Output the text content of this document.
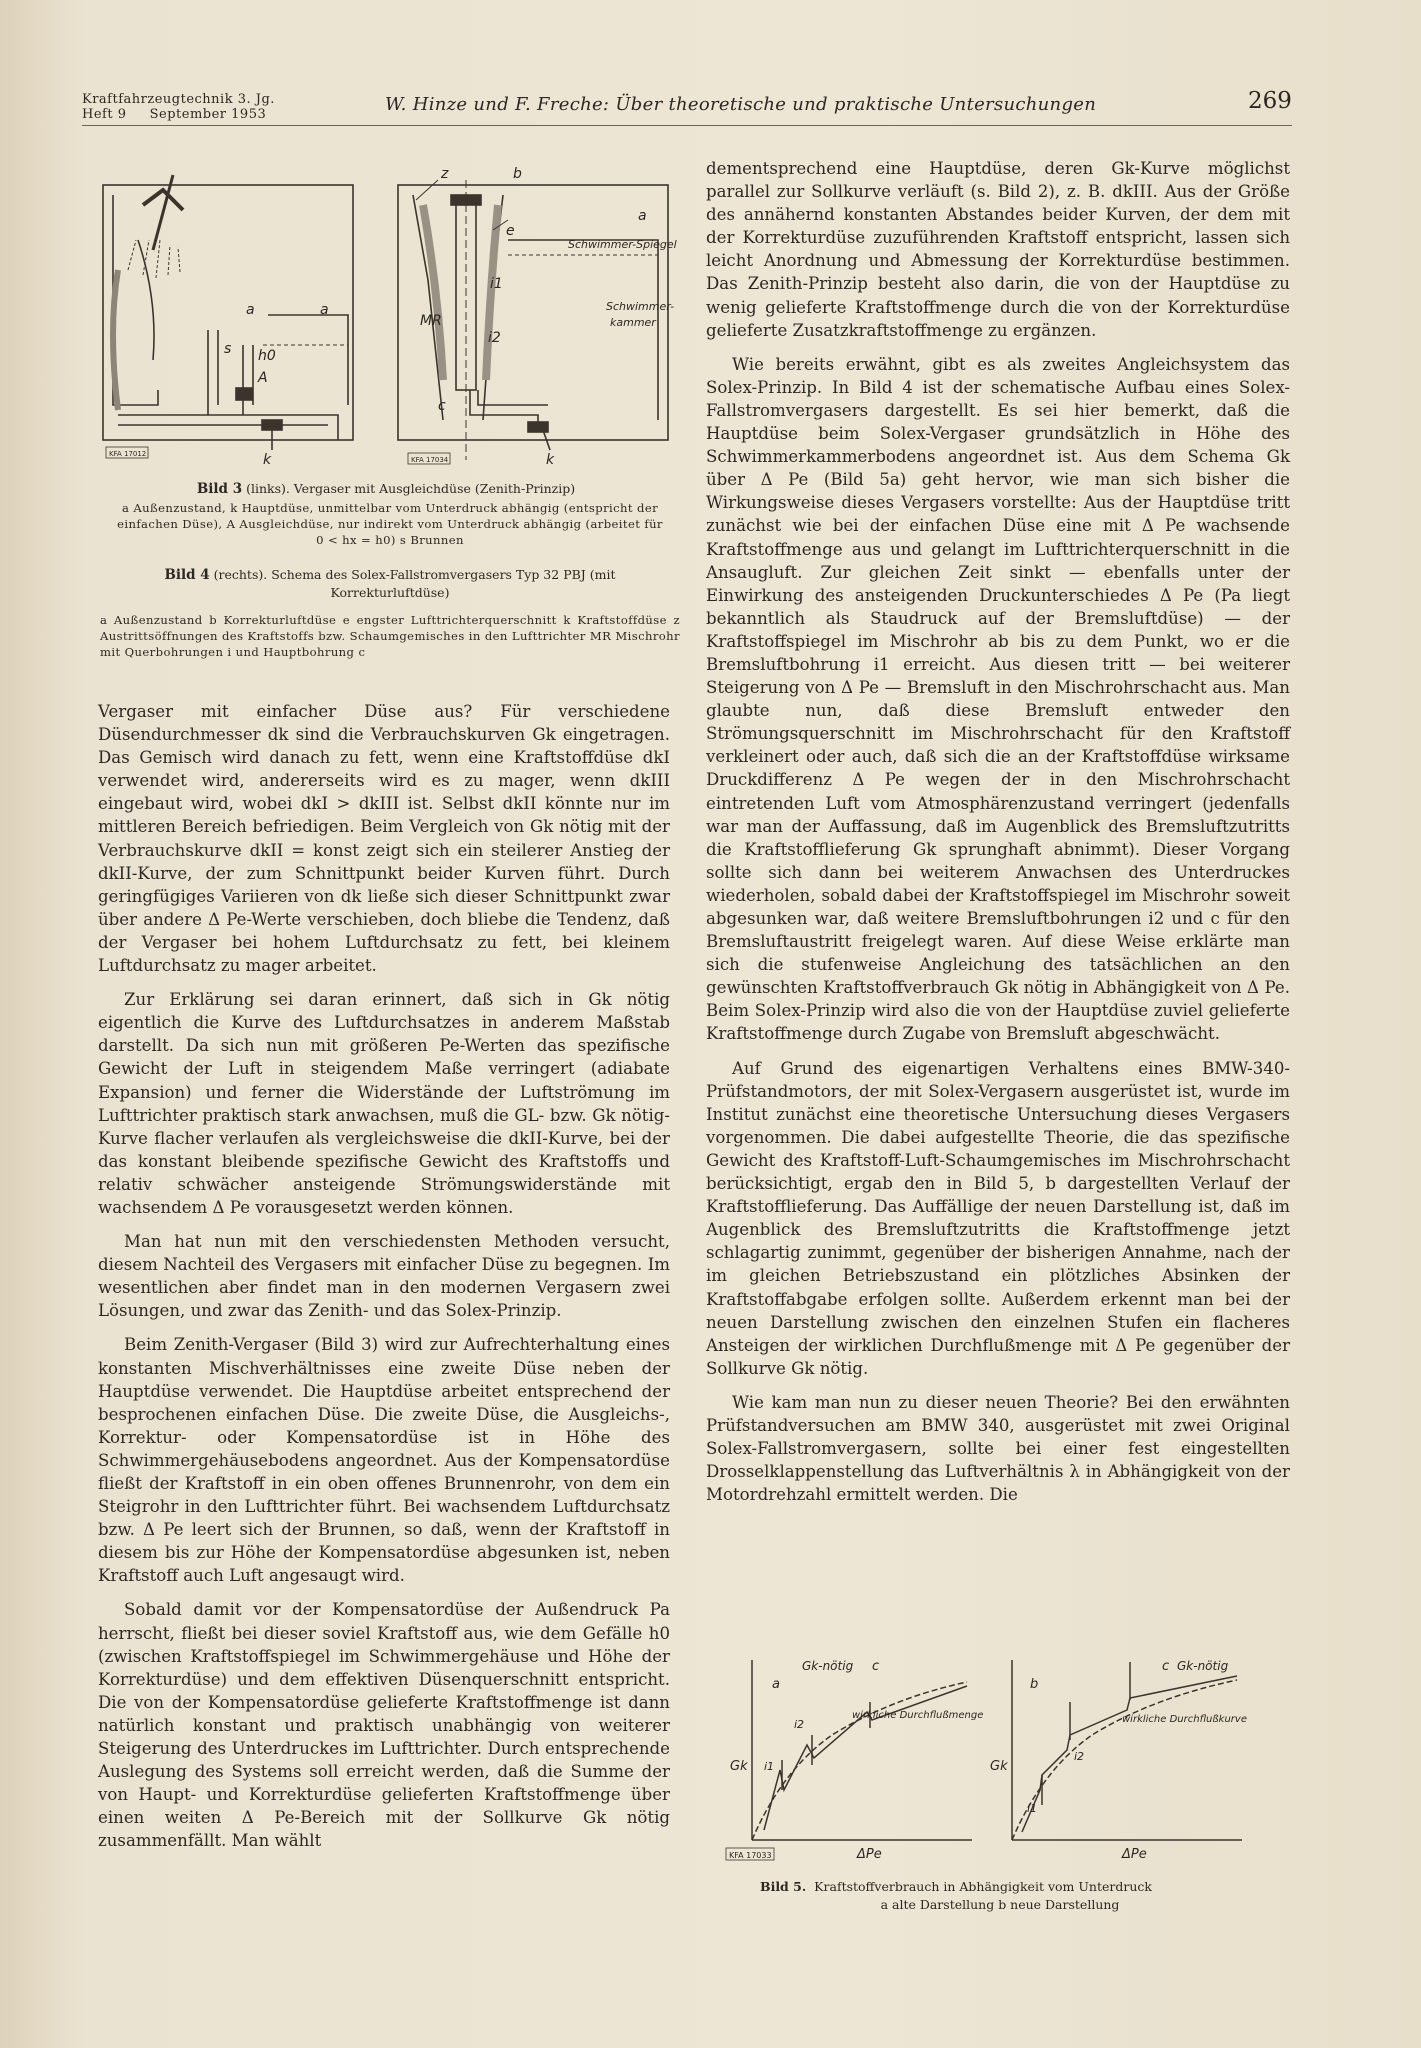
Kraftfahrzeugtechnik 3. Jg.
Heft 9     September 1953	W. Hinze und F. Freche: Über theoretische und praktische Untersuchungen	269
a	a
s h0
A
k
z	b
e
a
i1
MR
i2
c
k
Schwimmer-Spiegel
Schwimmer-
kammer
KFA 17012
KFA 17034
Bild 3 (links). Vergaser mit Ausgleichdüse (Zenith-Prinzip)
a Außenzustand, k Hauptdüse, unmittelbar vom Unterdruck abhängig (entspricht der einfachen Düse), A Ausgleichdüse, nur indirekt vom Unterdruck abhängig (arbeitet für 0 < hx = h0) s Brunnen
Bild 4 (rechts). Schema des Solex-Fallstromvergasers Typ 32 PBJ (mit Korrekturluftdüse)
a Außenzustand b Korrekturluftdüse e engster Lufttrichterquerschnitt k Kraftstoffdüse z Austrittsöffnungen des Kraftstoffs bzw. Schaumgemisches in den Lufttrichter MR Mischrohr mit Querbohrungen i und Hauptbohrung c

Vergaser mit einfacher Düse aus? Für verschiedene Düsendurchmesser dk sind die Verbrauchskurven Gk eingetragen. Das Gemisch wird danach zu fett, wenn eine Kraftstoffdüse dkI verwendet wird, andererseits wird es zu mager, wenn dkIII eingebaut wird, wobei dkI > dkIII ist. Selbst dkII könnte nur im mittleren Bereich befriedigen. Beim Vergleich von Gk nötig mit der Verbrauchskurve dkII = konst zeigt sich ein steilerer Anstieg der dkII-Kurve, der zum Schnittpunkt beider Kurven führt. Durch geringfügiges Variieren von dk ließe sich dieser Schnittpunkt zwar über andere Δ Pe-Werte verschieben, doch bliebe die Tendenz, daß der Vergaser bei hohem Luftdurchsatz zu fett, bei kleinem Luftdurchsatz zu mager arbeitet.

Zur Erklärung sei daran erinnert, daß sich in Gk nötig eigentlich die Kurve des Luftdurchsatzes in anderem Maßstab darstellt. Da sich nun mit größeren Pe-Werten das spezifische Gewicht der Luft in steigendem Maße verringert (adiabate Expansion) und ferner die Widerstände der Luftströmung im Lufttrichter praktisch stark anwachsen, muß die GL- bzw. Gk nötig-Kurve flacher verlaufen als vergleichsweise die dkII-Kurve, bei der das konstant bleibende spezifische Gewicht des Kraftstoffs und relativ schwächer ansteigende Strömungswiderstände mit wachsendem Δ Pe vorausgesetzt werden können.

Man hat nun mit den verschiedensten Methoden versucht, diesem Nachteil des Vergasers mit einfacher Düse zu begegnen. Im wesentlichen aber findet man in den modernen Vergasern zwei Lösungen, und zwar das Zenith- und das Solex-Prinzip.

Beim Zenith-Vergaser (Bild 3) wird zur Aufrechterhaltung eines konstanten Mischverhältnisses eine zweite Düse neben der Hauptdüse verwendet. Die Hauptdüse arbeitet entsprechend der besprochenen einfachen Düse. Die zweite Düse, die Ausgleichs-, Korrektur- oder Kompensatordüse ist in Höhe des Schwimmergehäusebodens angeordnet. Aus der Kompensatordüse fließt der Kraftstoff in ein oben offenes Brunnenrohr, von dem ein Steigrohr in den Lufttrichter führt. Bei wachsendem Luftdurchsatz bzw. Δ Pe leert sich der Brunnen, so daß, wenn der Kraftstoff in diesem bis zur Höhe der Kompensatordüse abgesunken ist, neben Kraftstoff auch Luft angesaugt wird.

Sobald damit vor der Kompensatordüse der Außendruck Pa herrscht, fließt bei dieser soviel Kraftstoff aus, wie dem Gefälle h0 (zwischen Kraftstoffspiegel im Schwimmergehäuse und Höhe der Korrekturdüse) und dem effektiven Düsenquerschnitt entspricht. Die von der Kompensatordüse gelieferte Kraftstoffmenge ist dann natürlich konstant und praktisch unabhängig von weiterer Steigerung des Unterdruckes im Lufttrichter. Durch entsprechende Auslegung des Systems soll erreicht werden, daß die Summe der von Haupt- und Korrekturdüse gelieferten Kraftstoffmenge über einen weiten Δ Pe-Bereich mit der Sollkurve Gk nötig zusammenfällt. Man wählt

dementsprechend eine Hauptdüse, deren Gk-Kurve möglichst parallel zur Sollkurve verläuft (s. Bild 2), z. B. dkIII. Aus der Größe des annähernd konstanten Abstandes beider Kurven, der dem mit der Korrekturdüse zuzuführenden Kraftstoff entspricht, lassen sich leicht Anordnung und Abmessung der Korrekturdüse bestimmen. Das Zenith-Prinzip besteht also darin, die von der Hauptdüse zu wenig gelieferte Kraftstoffmenge durch die von der Korrekturdüse gelieferte Zusatzkraftstoffmenge zu ergänzen.

Wie bereits erwähnt, gibt es als zweites Angleichsystem das Solex-Prinzip. In Bild 4 ist der schematische Aufbau eines Solex-Fallstromvergasers dargestellt. Es sei hier bemerkt, daß die Hauptdüse beim Solex-Vergaser grundsätzlich in Höhe des Schwimmerkammerbodens angeordnet ist. Aus dem Schema Gk über Δ Pe (Bild 5a) geht hervor, wie man sich bisher die Wirkungsweise dieses Vergasers vorstellte: Aus der Hauptdüse tritt zunächst wie bei der einfachen Düse eine mit Δ Pe wachsende Kraftstoffmenge aus und gelangt im Lufttrichterquerschnitt in die Ansaugluft. Zur gleichen Zeit sinkt — ebenfalls unter der Einwirkung des ansteigenden Druckunterschiedes Δ Pe (Pa liegt bekanntlich als Staudruck auf der Bremsluftdüse) — der Kraftstoffspiegel im Mischrohr ab bis zu dem Punkt, wo er die Bremsluftbohrung i1 erreicht. Aus diesen tritt — bei weiterer Steigerung von Δ Pe — Bremsluft in den Mischrohrschacht aus. Man glaubte nun, daß diese Bremsluft entweder den Strömungsquerschnitt im Mischrohrschacht für den Kraftstoff verkleinert oder auch, daß sich die an der Kraftstoffdüse wirksame Druckdifferenz Δ Pe wegen der in den Mischrohrschacht eintretenden Luft vom Atmosphärenzustand verringert (jedenfalls war man der Auffassung, daß im Augenblick des Bremsluftzutritts die Kraftstofflieferung Gk sprunghaft abnimmt). Dieser Vorgang sollte sich dann bei weiterem Anwachsen des Unterdruckes wiederholen, sobald dabei der Kraftstoffspiegel im Mischrohr soweit abgesunken war, daß weitere Bremsluftbohrungen i2 und c für den Bremsluftaustritt freigelegt waren. Auf diese Weise erklärte man sich die stufenweise Angleichung des tatsächlichen an den gewünschten Kraftstoffverbrauch Gk nötig in Abhängigkeit von Δ Pe. Beim Solex-Prinzip wird also die von der Hauptdüse zuviel gelieferte Kraftstoffmenge durch Zugabe von Bremsluft abgeschwächt.

Auf Grund des eigenartigen Verhaltens eines BMW-340-Prüfstandmotors, der mit Solex-Vergasern ausgerüstet ist, wurde im Institut zunächst eine theoretische Untersuchung dieses Vergasers vorgenommen. Die dabei aufgestellte Theorie, die das spezifische Gewicht des Kraftstoff-Luft-Schaumgemisches im Mischrohrschacht berücksichtigt, ergab den in Bild 5, b dargestellten Verlauf der Kraftstofflieferung. Das Auffällige der neuen Darstellung ist, daß im Augenblick des Bremsluftzutritts die Kraftstoffmenge jetzt schlagartig zunimmt, gegenüber der bisherigen Annahme, nach der im gleichen Betriebszustand ein plötzliches Absinken der Kraftstoffabgabe erfolgen sollte. Außerdem erkennt man bei der neuen Darstellung zwischen den einzelnen Stufen ein flacheres Ansteigen der wirklichen Durchflußmenge mit Δ Pe gegenüber der Sollkurve Gk nötig.

Wie kam man nun zu dieser neuen Theorie? Bei den erwähnten Prüfstandversuchen am BMW 340, ausgerüstet mit zwei Original Solex-Fallstromvergasern, sollte bei einer fest eingestellten Drosselklappenstellung das Luftverhältnis λ in Abhängigkeit von der Motordrehzahl ermittelt werden. Die

a
Gk-nötig c
wirkliche Durchflußmenge
i2
i1
Gk
ΔPe
b
Gk-nötig
c
wirkliche Durchflußkurve
i2
i1
Gk
ΔPe
KFA 17033
Bild 5. Kraftstoffverbrauch in Abhängigkeit vom Unterdruck
a alte Darstellung b neue Darstellung
